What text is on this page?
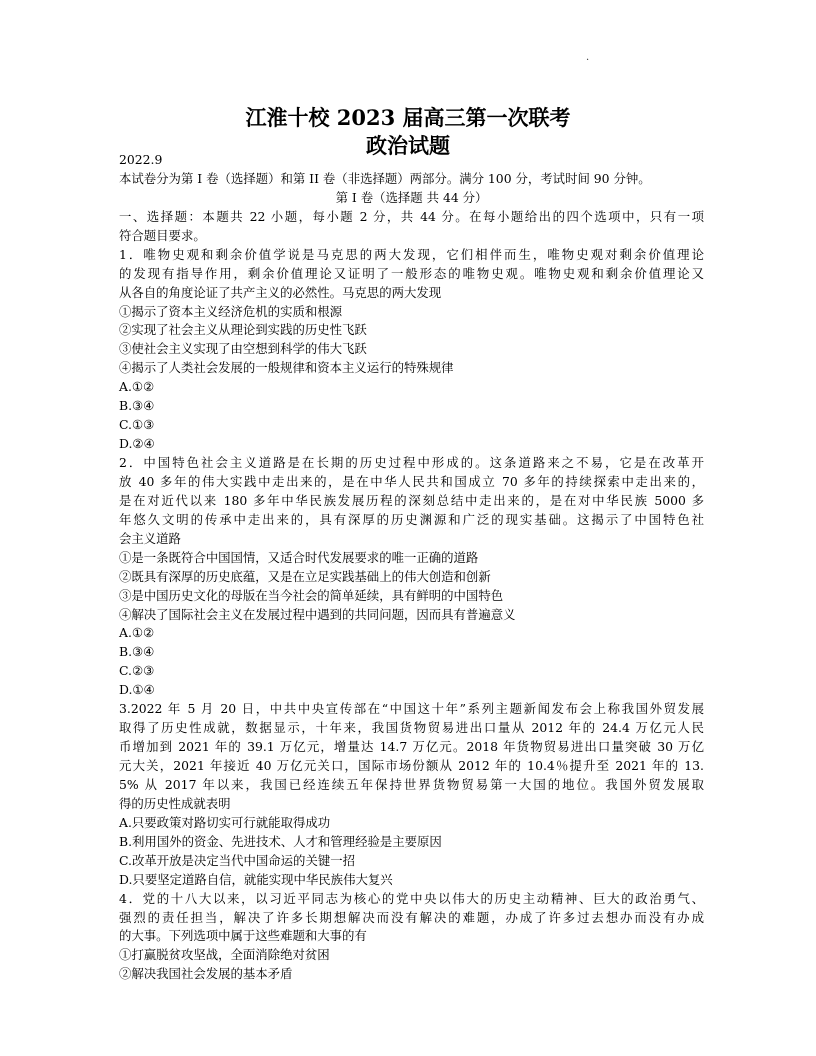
.
江淮十校 2023 届高三第一次联考
政治试题
2022.9
本试卷分为第 I 卷（选择题）和第 II 卷（非选择题）两部分。满分 100 分，考试时间 90 分钟。
第 I 卷（选择题 共 44 分）
一、选择题：本题共 22 小题，每小题 2 分，共 44 分。在每小题给出的四个选项中，只有一项
符合题目要求。
1．唯物史观和剩余价值学说是马克思的两大发现，它们相伴而生，唯物史观对剩余价值理论
的发现有指导作用，剩余价值理论又证明了一般形态的唯物史观。唯物史观和剩余价值理论又
从各自的角度论证了共产主义的必然性。马克思的两大发现
①揭示了资本主义经济危机的实质和根源
②实现了社会主义从理论到实践的历史性飞跃
③使社会主义实现了由空想到科学的伟大飞跃
④揭示了人类社会发展的一般规律和资本主义运行的特殊规律
A.①②
B.③④
C.①③
D.②④
2．中国特色社会主义道路是在长期的历史过程中形成的。这条道路来之不易，它是在改革开
放 40 多年的伟大实践中走出来的，是在中华人民共和国成立 70 多年的持续探索中走出来的，
是在对近代以来 180 多年中华民族发展历程的深刻总结中走出来的，是在对中华民族 5000 多
年悠久文明的传承中走出来的，具有深厚的历史渊源和广泛的现实基础。这揭示了中国特色社
会主义道路
①是一条既符合中国国情，又适合时代发展要求的唯一正确的道路
②既具有深厚的历史底蕴，又是在立足实践基础上的伟大创造和创新
③是中国历史文化的母版在当今社会的简单延续，具有鲜明的中国特色
④解决了国际社会主义在发展过程中遇到的共同问题，因而具有普遍意义
A.①②
B.③④
C.②③
D.①④
3.2022 年 5 月 20 日，中共中央宣传部在“中国这十年”系列主题新闻发布会上称我国外贸发展
取得了历史性成就，数据显示，十年来，我国货物贸易进出口量从 2012 年的 24.4 万亿元人民
币增加到 2021 年的 39.1 万亿元，增量达 14.7 万亿元。2018 年货物贸易进出口量突破 30 万亿
元大关，2021 年接近 40 万亿元关口，国际市场份额从 2012 年的 10.4％提升至 2021 年的 13.
5% 从 2017 年以来，我国已经连续五年保持世界货物贸易第一大国的地位。我国外贸发展取
得的历史性成就表明
A.只要政策对路切实可行就能取得成功
B.利用国外的资金、先进技术、人才和管理经验是主要原因
C.改革开放是决定当代中国命运的关键一招
D.只要坚定道路自信，就能实现中华民族伟大复兴
4．党的十八大以来，以习近平同志为核心的党中央以伟大的历史主动精神、巨大的政治勇气、
强烈的责任担当，解决了许多长期想解决而没有解决的难题，办成了许多过去想办而没有办成
的大事。下列选项中属于这些难题和大事的有
①打赢脱贫攻坚战，全面消除绝对贫困
②解决我国社会发展的基本矛盾
